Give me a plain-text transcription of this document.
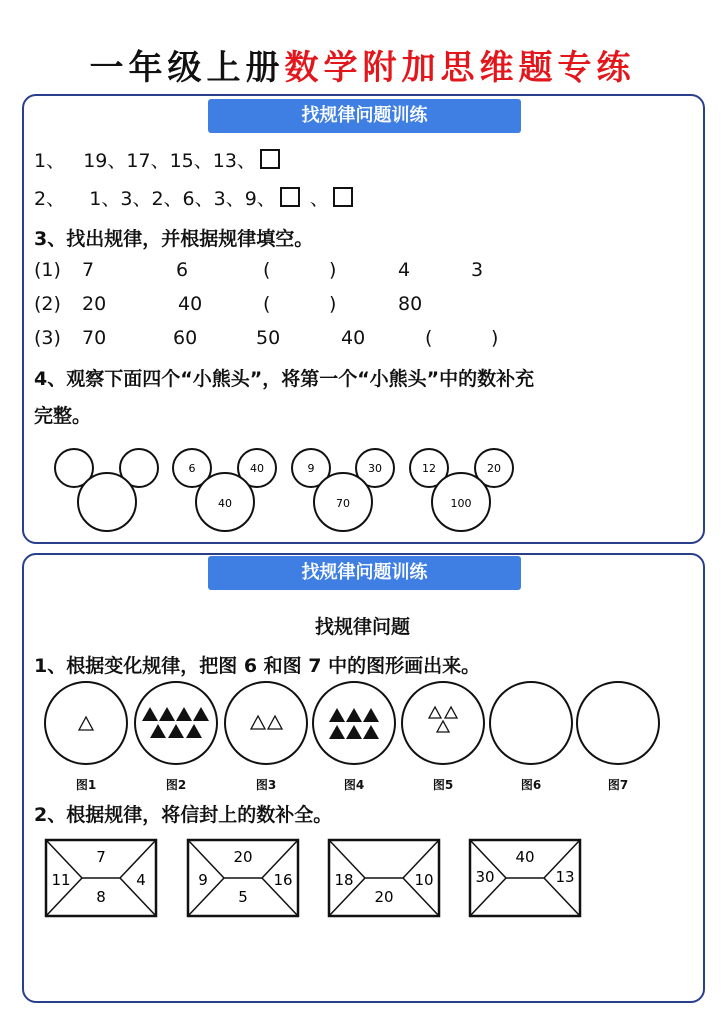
一年级上册数学附加思维题专练
找规律问题训练
1、 19、17、15、13、
2、 1、3、2、6、3、9、 、
3、找出规律，并根据规律填空。
(1) 7	6	(	)	4	3
(2) 20	40	(	)	80
(3) 70	60	50	40	(	)
4、观察下面四个“小熊头”，将第一个“小熊头”中的数补充
完整。
6	40
40
9	30
70
12	20
100
找规律问题训练
找规律问题
1、根据变化规律，把图 6 和图 7 中的图形画出来。
图1	图2	图3	图4	图5	图6	图7
2、根据规律，将信封上的数补全。
7
11	4
8
20
9	16
5
18	10
20
40
30	13
